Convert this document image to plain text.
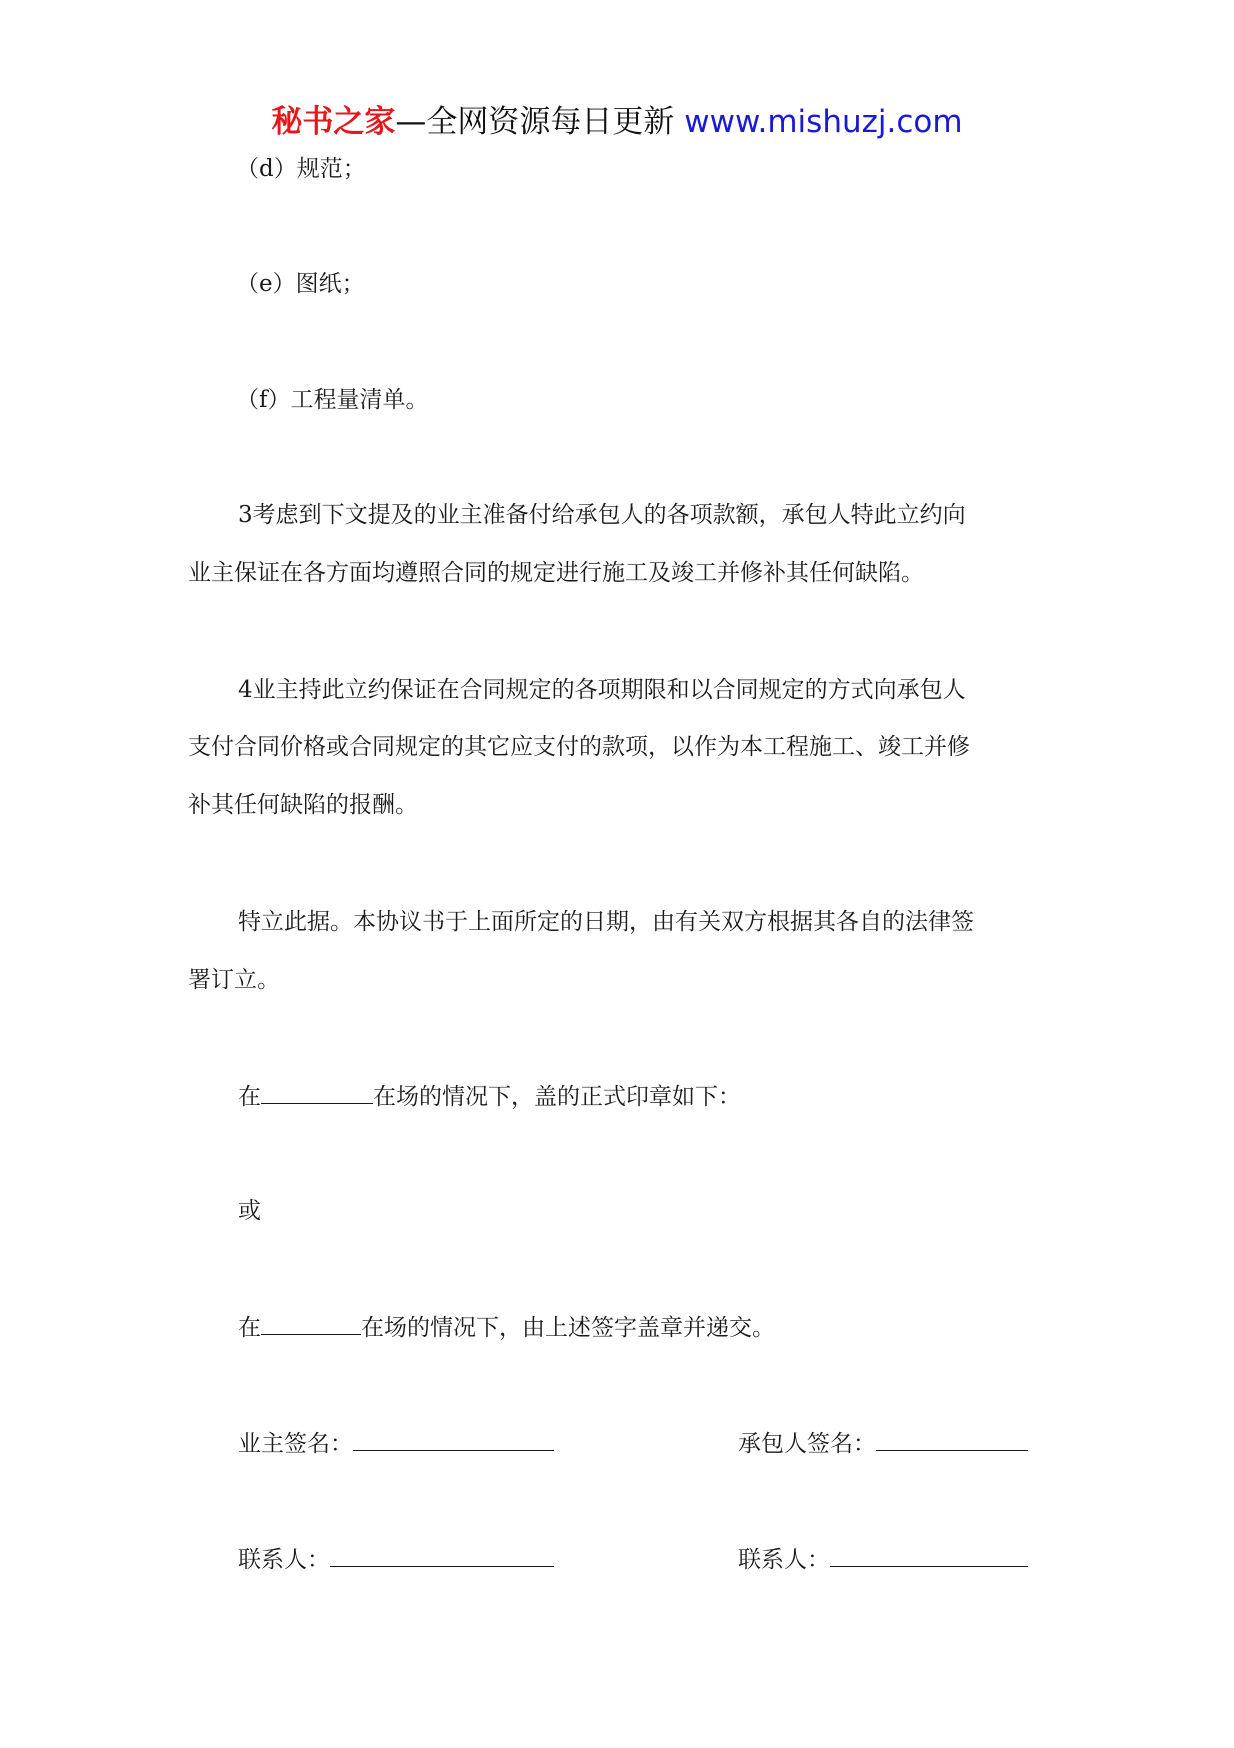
秘书之家—全网资源每日更新 www.mishuzj.com
（d）规范；
（e）图纸；
（f）工程量清单。
3考虑到下文提及的业主准备付给承包人的各项款额，承包人特此立约向
业主保证在各方面均遵照合同的规定进行施工及竣工并修补其任何缺陷。
4业主持此立约保证在合同规定的各项期限和以合同规定的方式向承包人
支付合同价格或合同规定的其它应支付的款项，以作为本工程施工、竣工并修
补其任何缺陷的报酬。
特立此据。本协议书于上面所定的日期，由有关双方根据其各自的法律签
署订立。
在	在场的情况下，盖的正式印章如下：
或
在	在场的情况下，由上述签字盖章并递交。
业主签名：	承包人签名：
联系人：	联系人：
